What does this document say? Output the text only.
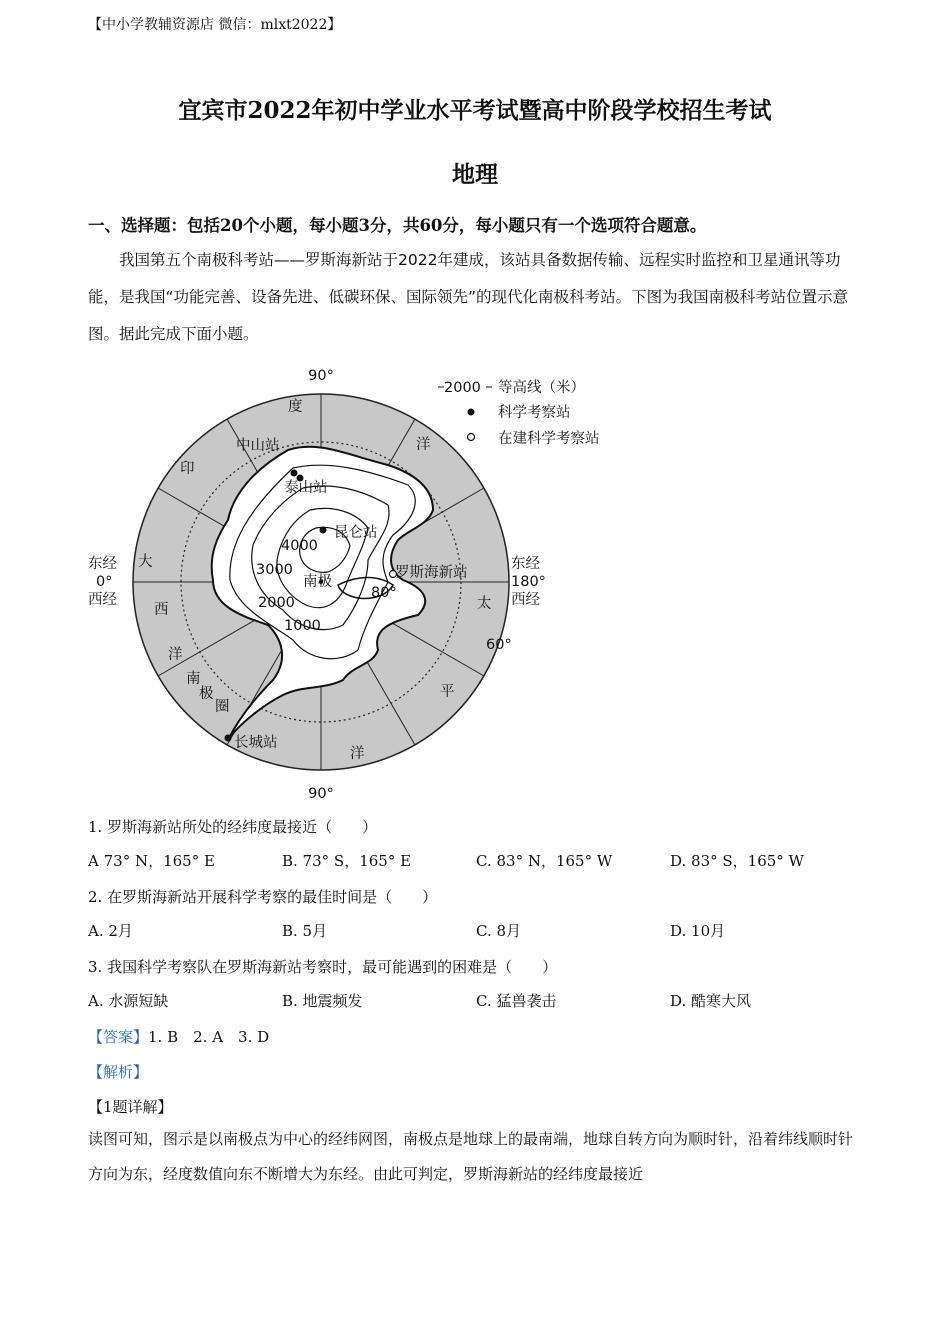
【中小学教辅资源店 微信：mlxt2022】
宜宾市2022年初中学业水平考试暨高中阶段学校招生考试
地理
一、选择题：包括20个小题，每小题3分，共60分，每小题只有一个选项符合题意。
我国第五个南极科考站——罗斯海新站于2022年建成，该站具备数据传输、远程实时监控和卫星通讯等功能，是我国“功能完善、设备先进、低碳环保、国际领先”的现代化南极科考站。下图为我国南极科考站位置示意图。据此完成下面小题。
90°
90°
东经
0°
西经
东经
180°
西经
80°
60°
度
洋
印
大
西
洋
太
平
洋
南
极
圈
中山站
泰山站
昆仑站
罗斯海新站
长城站
南极
4000
3000
2000
1000
2000 等高线（米）
科学考察站
在建科学考察站
1. 罗斯海新站所处的经纬度最接近（　　）
A 73° N，165° E	B. 73° S，165° E	C. 83° N，165° W	D. 83° S，165° W
2. 在罗斯海新站开展科学考察的最佳时间是（　　）
A. 2月	B. 5月	C. 8月	D. 10月
3. 我国科学考察队在罗斯海新站考察时，最可能遇到的困难是（　　）
A. 水源短缺	B. 地震频发	C. 猛兽袭击	D. 酷寒大风
【答案】1. B　2. A　3. D
【解析】
【1题详解】
读图可知，图示是以南极点为中心的经纬网图，南极点是地球上的最南端，地球自转方向为顺时针，沿着纬线顺时针方向为东，经度数值向东不断增大为东经。由此可判定，罗斯海新站的经纬度最接近
